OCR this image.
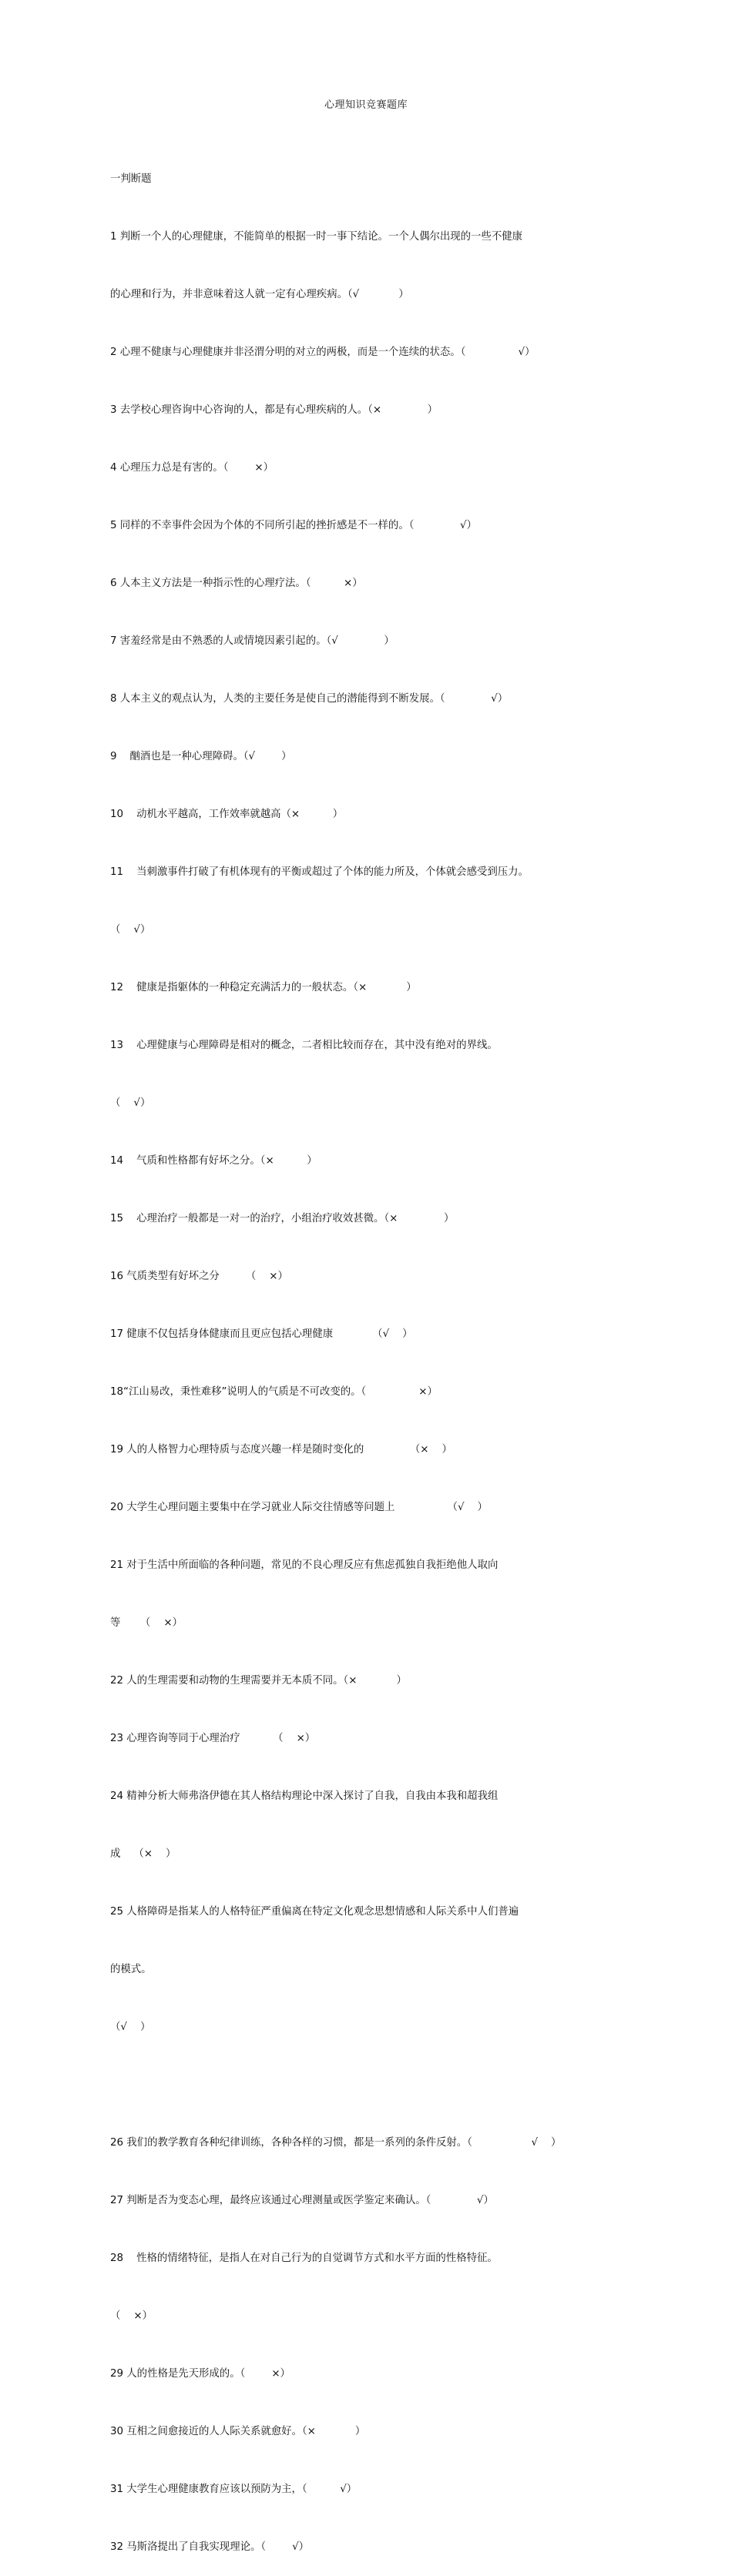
心理知识竞赛题库

一判断题

1 判断一个人的心理健康，不能简单的根据一时一事下结论。一个人偶尔出现的一些不健康

的心理和行为，并非意味着这人就一定有心理疾病。（√            ）

2 心理不健康与心理健康并非泾渭分明的对立的两极，而是一个连续的状态。（                √）

3 去学校心理咨询中心咨询的人，都是有心理疾病的人。（×              ）

4 心理压力总是有害的。（        ×）

5 同样的不幸事件会因为个体的不同所引起的挫折感是不一样的。（              √）

6 人本主义方法是一种指示性的心理疗法。（          ×）

7 害羞经常是由不熟悉的人或情境因素引起的。（√              ）

8 人本主义的观点认为，人类的主要任务是使自己的潜能得到不断发展。（              √）

9    酗酒也是一种心理障碍。（√        ）

10    动机水平越高，工作效率就越高（×          ）

11    当刺激事件打破了有机体现有的平衡或超过了个体的能力所及，个体就会感受到压力。

（    √）

12    健康是指躯体的一种稳定充满活力的一般状态。（×            ）

13    心理健康与心理障碍是相对的概念，二者相比较而存在，其中没有绝对的界线。

（    √）

14    气质和性格都有好坏之分。（×          ）

15    心理治疗一般都是一对一的治疗，小组治疗收效甚微。（×              ）

16 气质类型有好坏之分        （    ×）

17 健康不仅包括身体健康而且更应包括心理健康            （√    ）

18“江山易改，秉性难移”说明人的气质是不可改变的。（                ×）

19 人的人格智力心理特质与态度兴趣一样是随时变化的              （×    ）

20 大学生心理问题主要集中在学习就业人际交往情感等问题上                （√    ）

21 对于生活中所面临的各种问题，常见的不良心理反应有焦虑孤独自我拒绝他人取向

等      （    ×）

22 人的生理需要和动物的生理需要并无本质不同。（×            ）

23 心理咨询等同于心理治疗          （    ×）

24 精神分析大师弗洛伊德在其人格结构理论中深入探讨了自我，自我由本我和超我组

成    （×    ）

25 人格障碍是指某人的人格特征严重偏离在特定文化观念思想情感和人际关系中人们普遍

的模式。

（√    ）

26 我们的教学教育各种纪律训练，各种各样的习惯，都是一系列的条件反射。（                  √    ）

27 判断是否为变态心理，最终应该通过心理测量或医学鉴定来确认。（              √）

28    性格的情绪特征，是指人在对自己行为的自觉调节方式和水平方面的性格特征。

（    ×）

29 人的性格是先天形成的。（        ×）

30 互相之间愈接近的人人际关系就愈好。（×            ）

31 大学生心理健康教育应该以预防为主，（          √）

32 马斯洛提出了自我实现理论。（        √）
